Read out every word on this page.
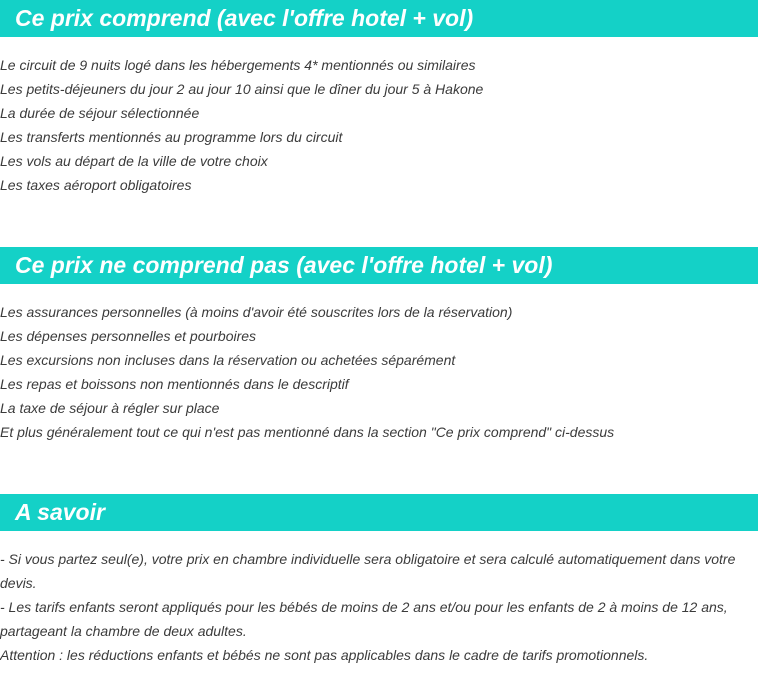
Ce prix comprend (avec l'offre hotel + vol)
Le circuit de 9 nuits logé dans les hébergements 4* mentionnés ou similaires
Les petits-déjeuners du jour 2 au jour 10 ainsi que le dîner du jour 5 à Hakone
La durée de séjour sélectionnée
Les transferts mentionnés au programme lors du circuit
Les vols au départ de la ville de votre choix
Les taxes aéroport obligatoires
Ce prix ne comprend pas (avec l'offre hotel + vol)
Les assurances personnelles (à moins d'avoir été souscrites lors de la réservation)
Les dépenses personnelles et pourboires
Les excursions non incluses dans la réservation ou achetées séparément
Les repas et boissons non mentionnés dans le descriptif
La taxe de séjour à régler sur place
Et plus généralement tout ce qui n'est pas mentionné dans la section "Ce prix comprend" ci-dessus
A savoir

- Si vous partez seul(e), votre prix en chambre individuelle sera obligatoire et sera calculé automatiquement dans votre devis.

- Les tarifs enfants seront appliqués pour les bébés de moins de 2 ans et/ou pour les enfants de 2 à moins de 12 ans, partageant la chambre de deux adultes.

Attention : les réductions enfants et bébés ne sont pas applicables dans le cadre de tarifs promotionnels.
